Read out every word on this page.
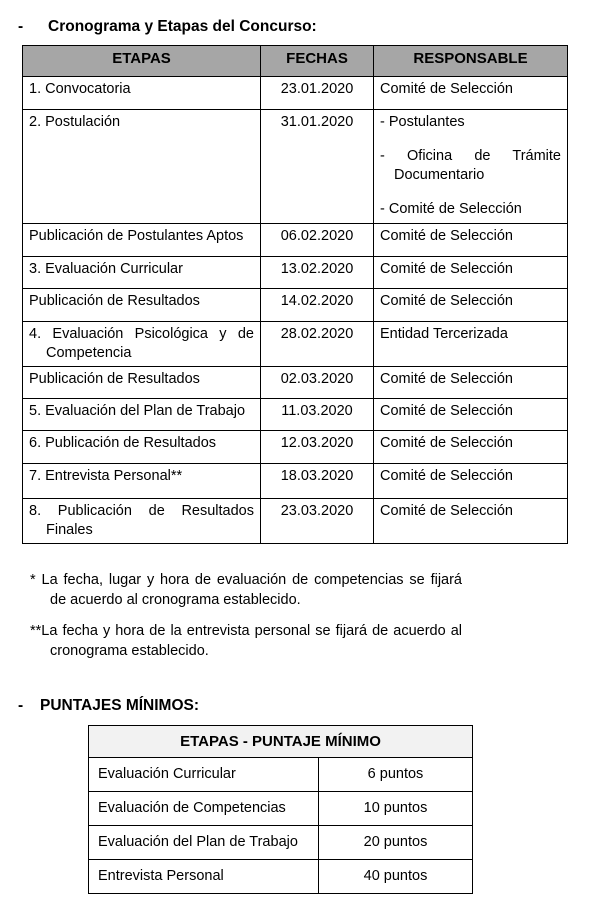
-	Cronograma y Etapas del Concurso:
ETAPAS	FECHAS	RESPONSABLE
1. Convocatoria	23.01.2020	Comité de Selección
2. Postulación	31.01.2020	- Postulantes
- Oficina de Trámite Documentario
- Comité de Selección

Publicación de Postulantes Aptos	06.02.2020	Comité de Selección
3. Evaluación Curricular	13.02.2020	Comité de Selección
Publicación de Resultados	14.02.2020	Comité de Selección
4. Evaluación Psicológica y de Competencia	28.02.2020	Entidad Tercerizada
Publicación de Resultados	02.03.2020	Comité de Selección
5. Evaluación del Plan de Trabajo	11.03.2020	Comité de Selección
6. Publicación de Resultados	12.03.2020	Comité de Selección
7. Entrevista Personal**	18.03.2020	Comité de Selección
8. Publicación de Resultados Finales	23.03.2020	Comité de Selección
* La fecha, lugar y hora de evaluación de competencias se fijará de acuerdo al cronograma establecido.
**La fecha y hora de la entrevista personal se fijará de acuerdo al cronograma establecido.
-	PUNTAJES MÍNIMOS:
ETAPAS - PUNTAJE MÍNIMO	
Evaluación Curricular	6 puntos
Evaluación de Competencias	10 puntos
Evaluación del Plan de Trabajo	20 puntos
Entrevista Personal	40 puntos
